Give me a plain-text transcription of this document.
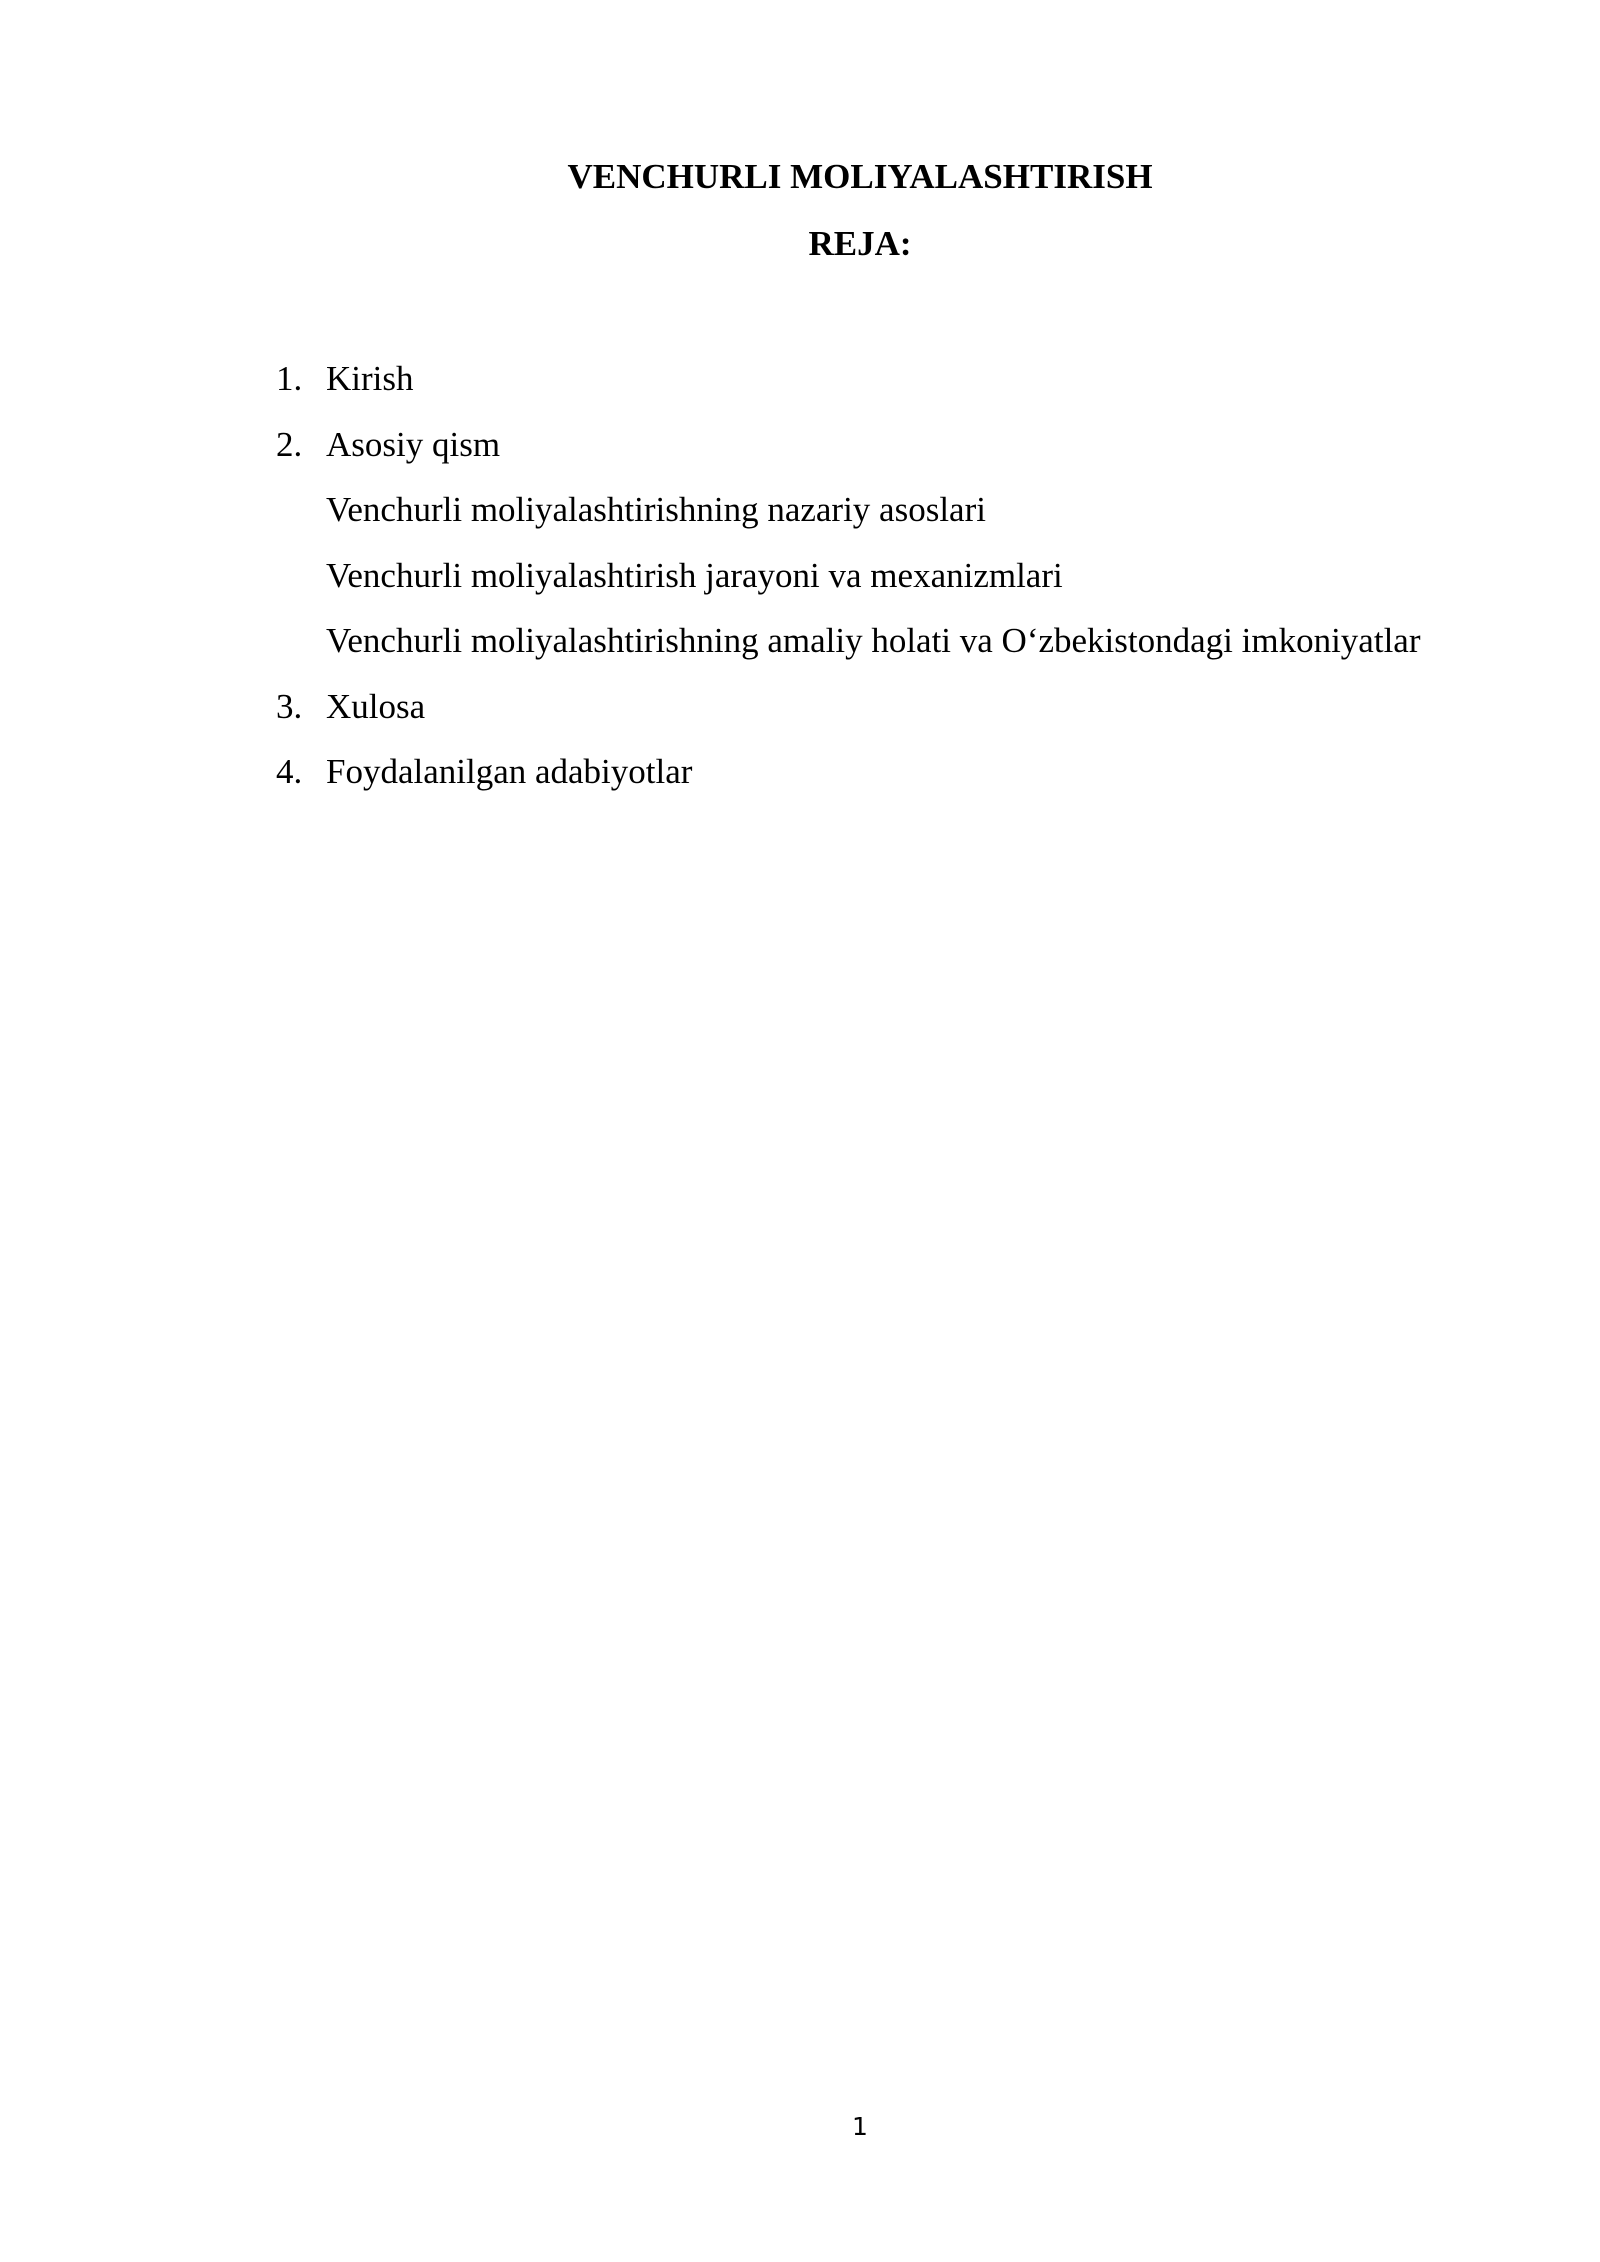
VENCHURLI MOLIYALASHTIRISH
REJA:
1. Kirish
2. Asosiy qism
Venchurli moliyalashtirishning nazariy asoslari
Venchurli moliyalashtirish jarayoni va mexanizmlari
Venchurli moliyalashtirishning amaliy holati va O‘zbekistondagi imkoniyatlar
3. Xulosa
4. Foydalanilgan adabiyotlar
1
